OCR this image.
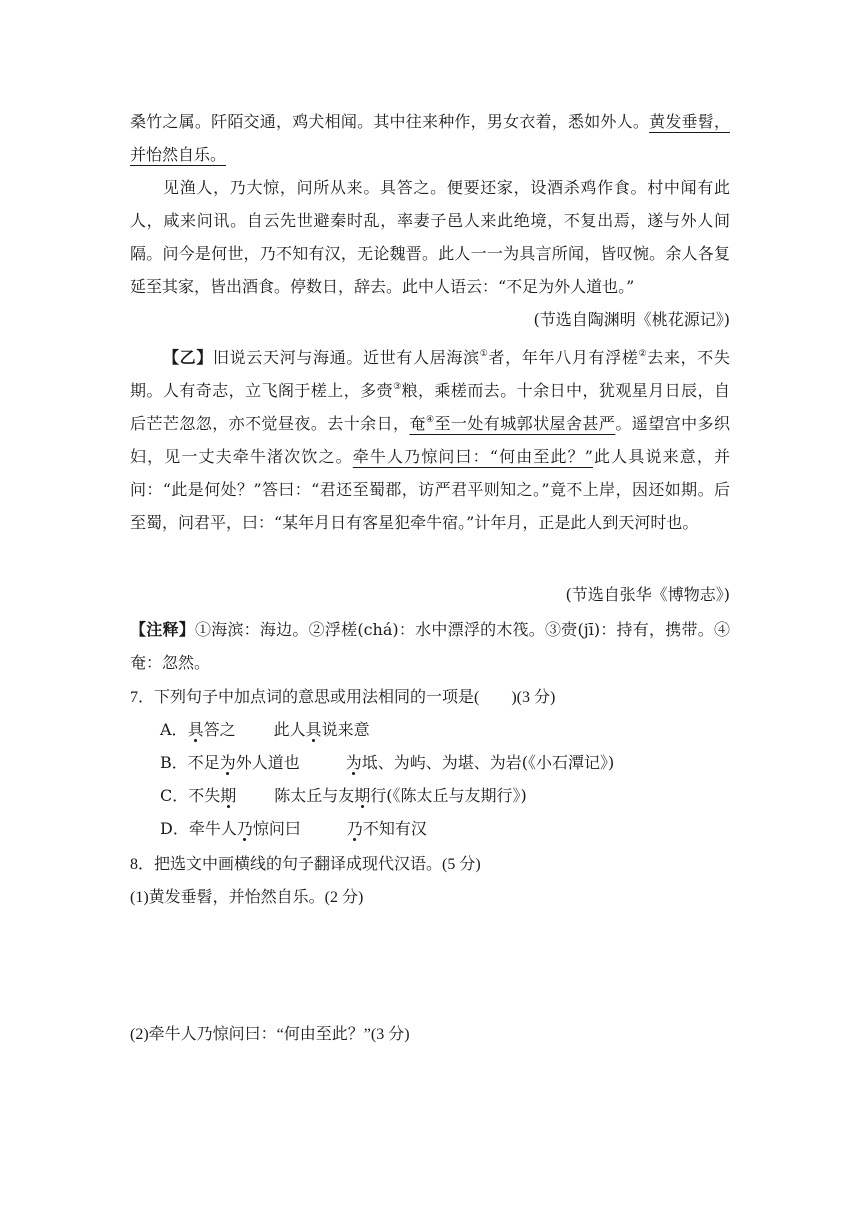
桑竹之属。阡陌交通，鸡犬相闻。其中往来种作，男女衣着，悉如外人。黄发垂髫，并怡然自乐。

见渔人，乃大惊，问所从来。具答之。便要还家，设酒杀鸡作食。村中闻有此人，咸来问讯。自云先世避秦时乱，率妻子邑人来此绝境，不复出焉，遂与外人间隔。问今是何世，乃不知有汉，无论魏晋。此人一一为具言所闻，皆叹惋。余人各复延至其家，皆出酒食。停数日，辞去。此中人语云：“不足为外人道也。”

(节选自陶渊明《桃花源记》)

【乙】旧说云天河与海通。近世有人居海滨①者，年年八月有浮槎②去来，不失期。人有奇志，立飞阁于槎上，多赍③粮，乘槎而去。十余日中，犹观星月日辰，自后芒芒忽忽，亦不觉昼夜。去十余日，奄④至一处有城郭状屋舍甚严。遥望宫中多织妇，见一丈夫牵牛渚次饮之。牵牛人乃惊问曰：“何由至此？”此人具说来意，并问：“此是何处？”答曰：“君还至蜀郡，访严君平则知之。”竟不上岸，因还如期。后至蜀，问君平，曰：“某年月日有客星犯牵牛宿。”计年月，正是此人到天河时也。

(节选自张华《博物志》)

【注释】①海滨：海边。②浮槎(chá)：水中漂浮的木筏。③赍(jī)：持有，携带。④奄：忽然。

7．下列句子中加点词的意思或用法相同的一项是(　　)(3 分)

A．具答之 此人具说来意

B．不足为外人道也	为坻、为屿、为堪、为岩(《小石潭记》)

C．不失期 陈太丘与友期行(《陈太丘与友期行》)

D．牵牛人乃惊问曰	乃不知有汉

8．把选文中画横线的句子翻译成现代汉语。(5 分)

(1)黄发垂髫，并怡然自乐。(2 分)

(2)牵牛人乃惊问曰：“何由至此？”(3 分)
